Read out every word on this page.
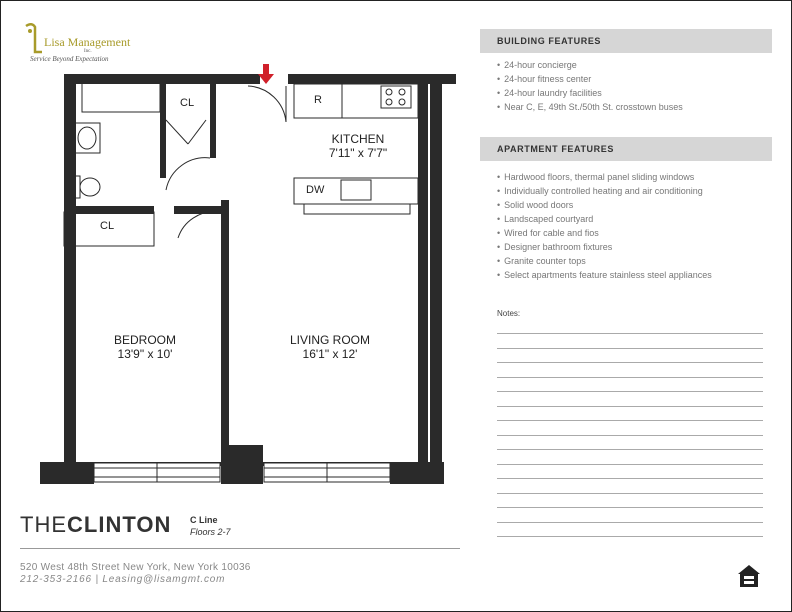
Lisa Management
Inc.
Service Beyond Expectation
CL	R
DW
CL
KITCHEN
7'11" x 7'7"
BEDROOM
13'9" x 10'
LIVING ROOM
16'1" x 12'
THECLINTON C Line
Floors 2-7
520 West 48th Street New York, New York 10036
212-353-2166 | Leasing@lisamgmt.com
BUILDING FEATURES
• 24-hour concierge
• 24-hour fitness center
• 24-hour laundry facilities
• Near C, E, 49th St./50th St. crosstown buses
APARTMENT FEATURES
• Hardwood floors, thermal panel sliding windows
• Individually controlled heating and air conditioning
• Solid wood doors
• Landscaped courtyard
• Wired for cable and fios
• Designer bathroom fixtures
• Granite counter tops
• Select apartments feature stainless steel appliances
Notes:
